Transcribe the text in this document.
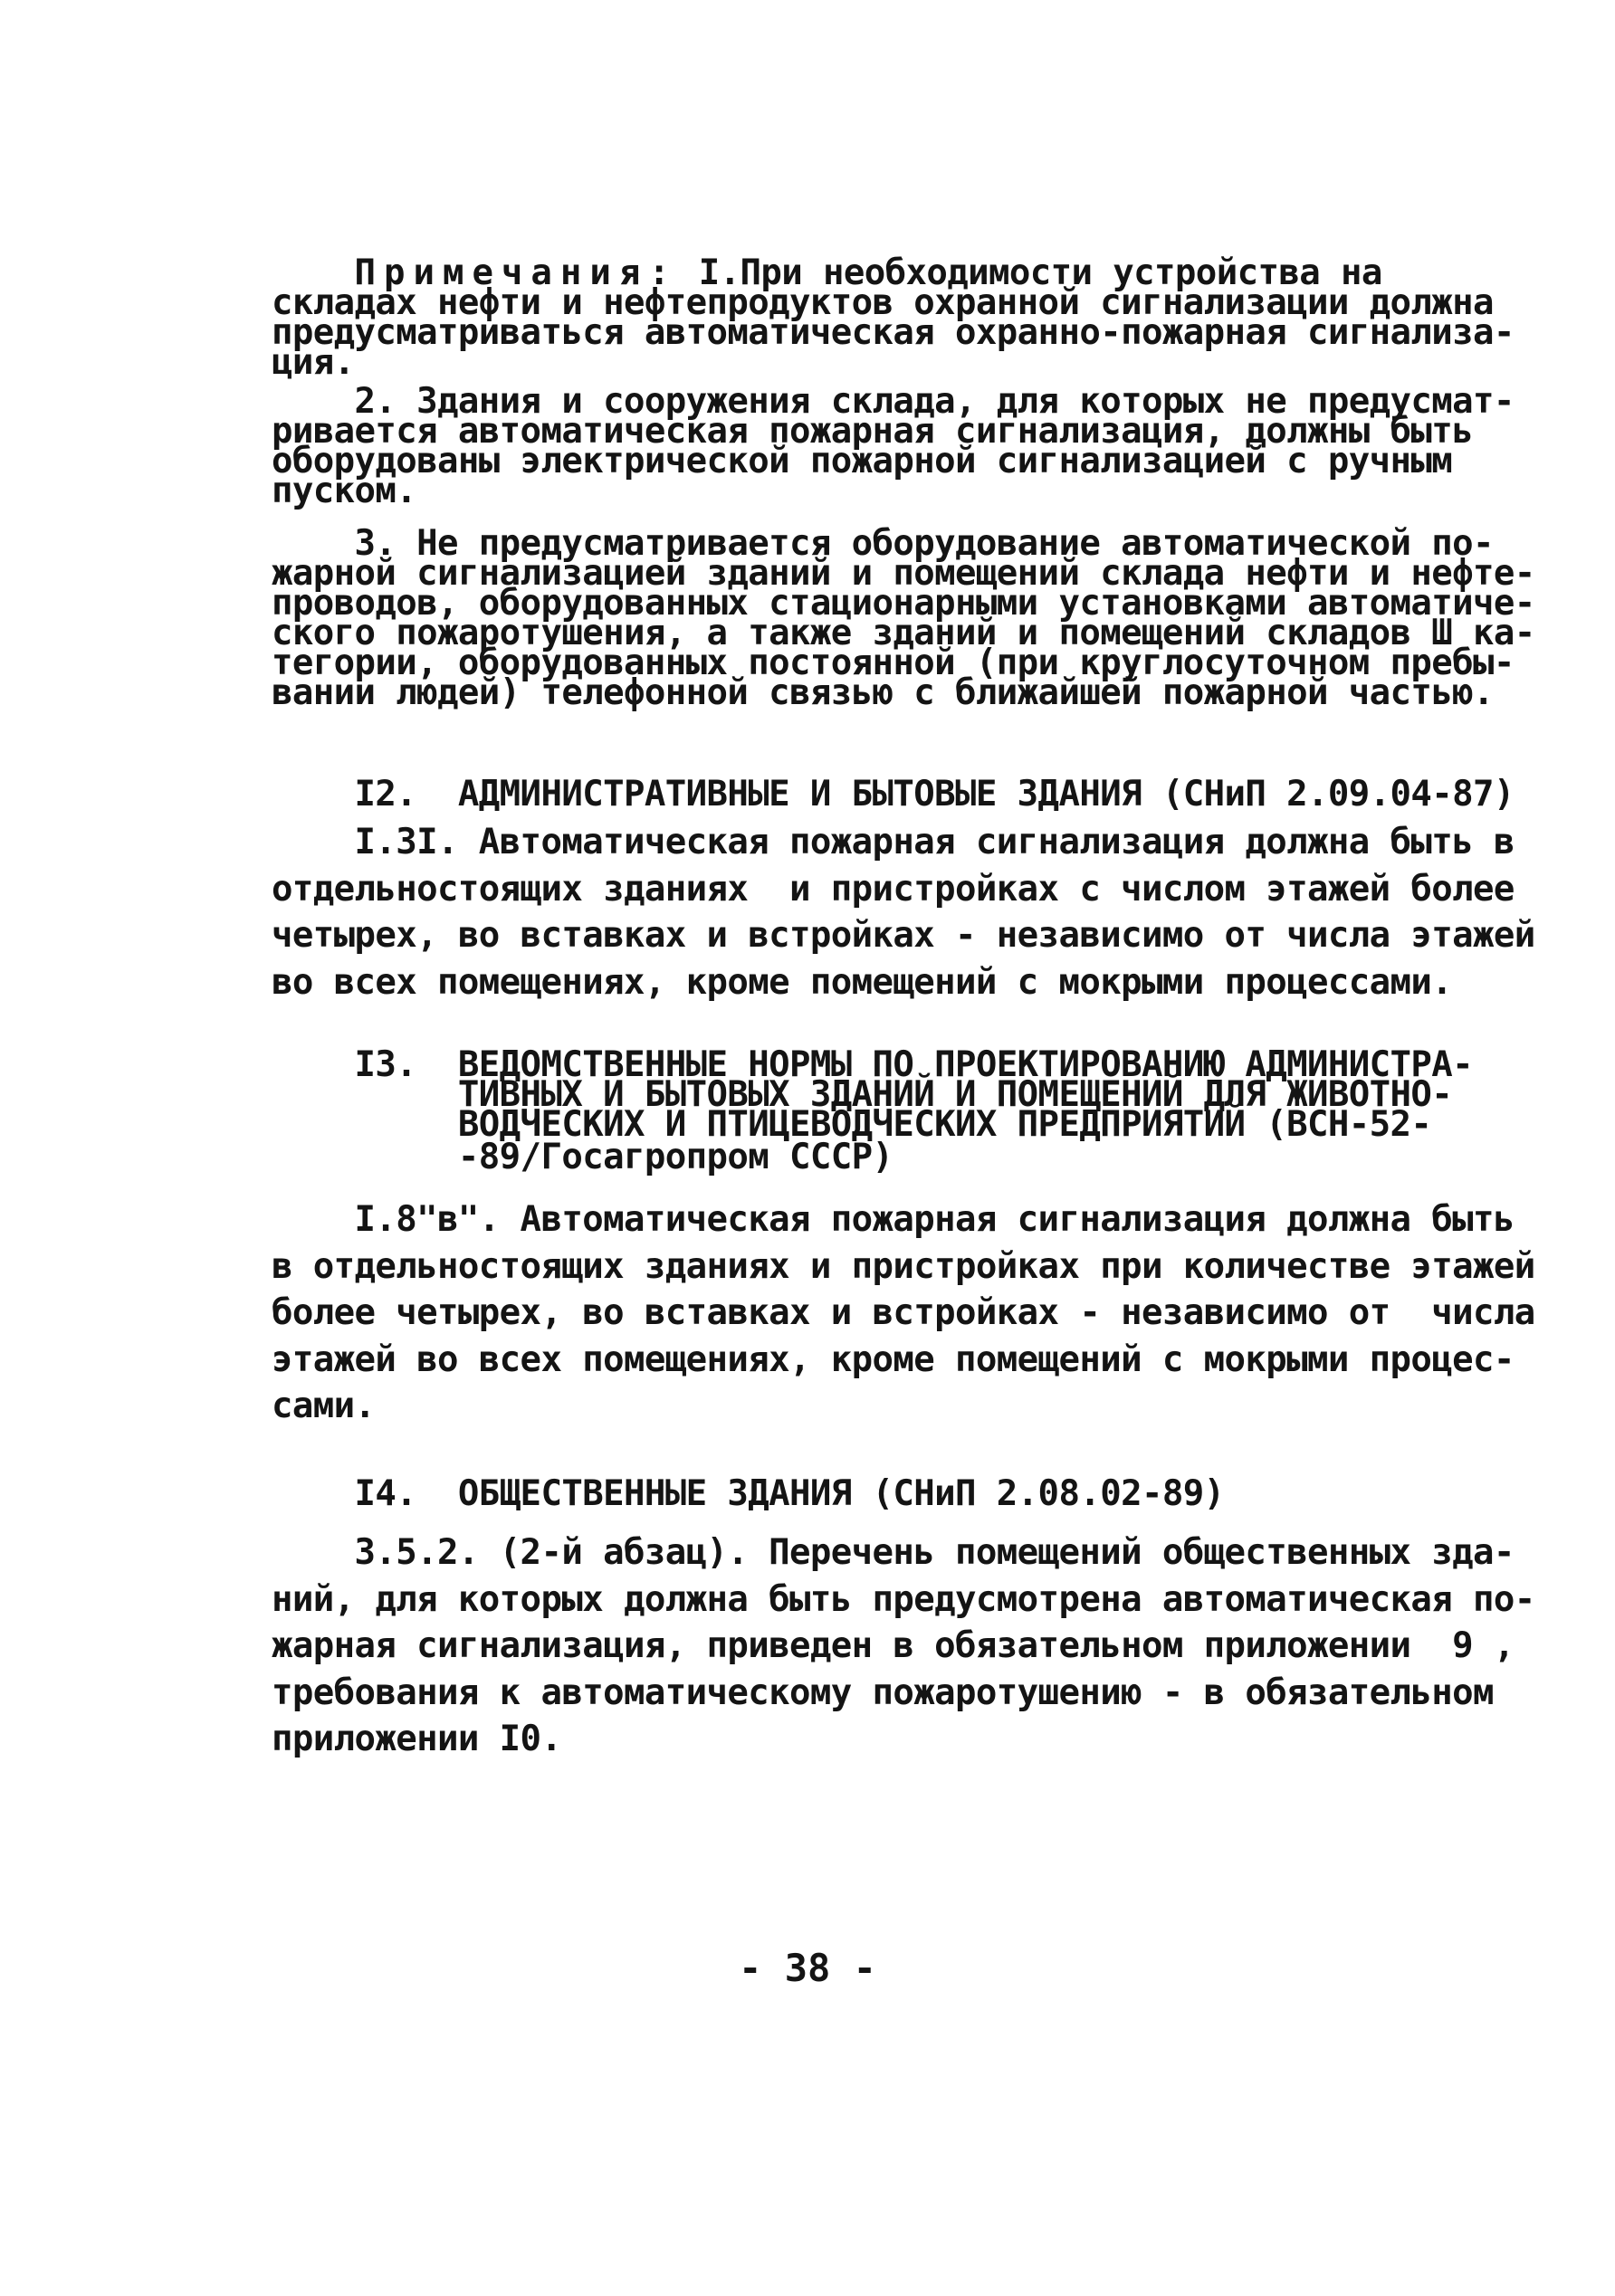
Примечания: I.При необходимости устройства на
складах нефти и нефтепродуктов охранной сигнализации должна
предусматриваться автоматическая охранно-пожарная сигнализа-
ция.
2. Здания и сооружения склада, для которых не предусмат-
ривается автоматическая пожарная сигнализация, должны быть
оборудованы электрической пожарной сигнализацией с ручным
пуском.
3. Не предусматривается оборудование автоматической по-
жарной сигнализацией зданий и помещений склада нефти и нефте-
проводов, оборудованных стационарными установками автоматиче-
ского пожаротушения, а также зданий и помещений складов Ш ка-
тегории, оборудованных постоянной (при круглосуточном пребы-
вании людей) телефонной связью с ближайшей пожарной частью.
I2.  АДМИНИСТРАТИВНЫЕ И БЫТОВЫЕ ЗДАНИЯ (СНиП 2.09.04-87)
I.3I. Автоматическая пожарная сигнализация должна быть в
отдельностоящих зданиях  и пристройках с числом этажей более
четырех, во вставках и встройках - независимо от числа этажей
во всех помещениях, кроме помещений с мокрыми процессами.
I3.  ВЕДОМСТВЕННЫЕ НОРМЫ ПО ПРОЕКТИРОВАНИЮ АДМИНИСТРА-
ТИВНЫХ И БЫТОВЫХ ЗДАНИЙ И ПОМЕЩЕНИЙ ДЛЯ ЖИВОТНО-
ВОДЧЕСКИХ И ПТИЦЕВОДЧЕСКИХ ПРЕДПРИЯТИЙ (ВСН-52-
-89/Госагропром СССР)
I.8"в". Автоматическая пожарная сигнализация должна быть
в отдельностоящих зданиях и пристройках при количестве этажей
более четырех, во вставках и встройках - независимо от  числа
этажей во всех помещениях, кроме помещений с мокрыми процес-
сами.
I4.  ОБЩЕСТВЕННЫЕ ЗДАНИЯ (СНиП 2.08.02-89)
3.5.2. (2-й абзац). Перечень помещений общественных зда-
ний, для которых должна быть предусмотрена автоматическая по-
жарная сигнализация, приведен в обязательном приложении  9 ,
требования к автоматическому пожаротушению - в обязательном
приложении I0.
- 38 -
